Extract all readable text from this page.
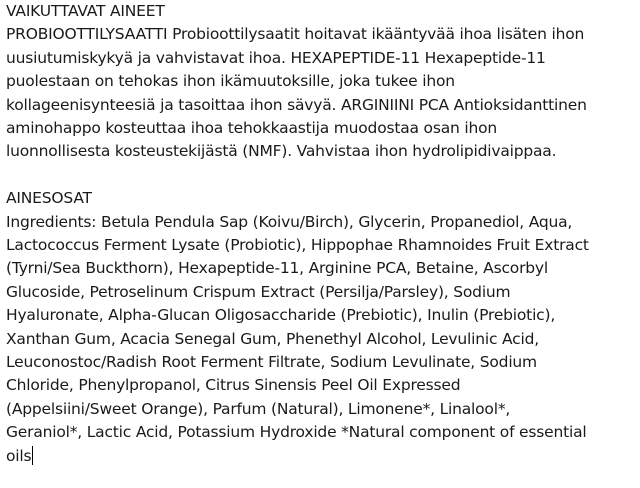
VAIKUTTAVAT AINEET
PROBIOOTTILYSAATTI Probioottilysaatit hoitavat ikääntyvää ihoa lisäten ihon
uusiutumiskykyä ja vahvistavat ihoa. HEXAPEPTIDE-11 Hexapeptide-11
puolestaan on tehokas ihon ikämuutoksille, joka tukee ihon
kollageenisynteesiä ja tasoittaa ihon sävyä. ARGINIINI PCA Antioksidanttinen
aminohappo kosteuttaa ihoa tehokkaastija muodostaa osan ihon
luonnollisesta kosteustekijästä (NMF). Vahvistaa ihon hydrolipidivaippaa.
AINESOSAT
Ingredients: Betula Pendula Sap (Koivu/Birch), Glycerin, Propanediol, Aqua,
Lactococcus Ferment Lysate (Probiotic), Hippophae Rhamnoides Fruit Extract
(Tyrni/Sea Buckthorn), Hexapeptide-11, Arginine PCA, Betaine, Ascorbyl
Glucoside, Petroselinum Crispum Extract (Persilja/Parsley), Sodium
Hyaluronate, Alpha-Glucan Oligosaccharide (Prebiotic), Inulin (Prebiotic),
Xanthan Gum, Acacia Senegal Gum, Phenethyl Alcohol, Levulinic Acid,
Leuconostoc/Radish Root Ferment Filtrate, Sodium Levulinate, Sodium
Chloride, Phenylpropanol, Citrus Sinensis Peel Oil Expressed
(Appelsiini/Sweet Orange), Parfum (Natural), Limonene*, Linalool*,
Geraniol*, Lactic Acid, Potassium Hydroxide *Natural component of essential
oils
